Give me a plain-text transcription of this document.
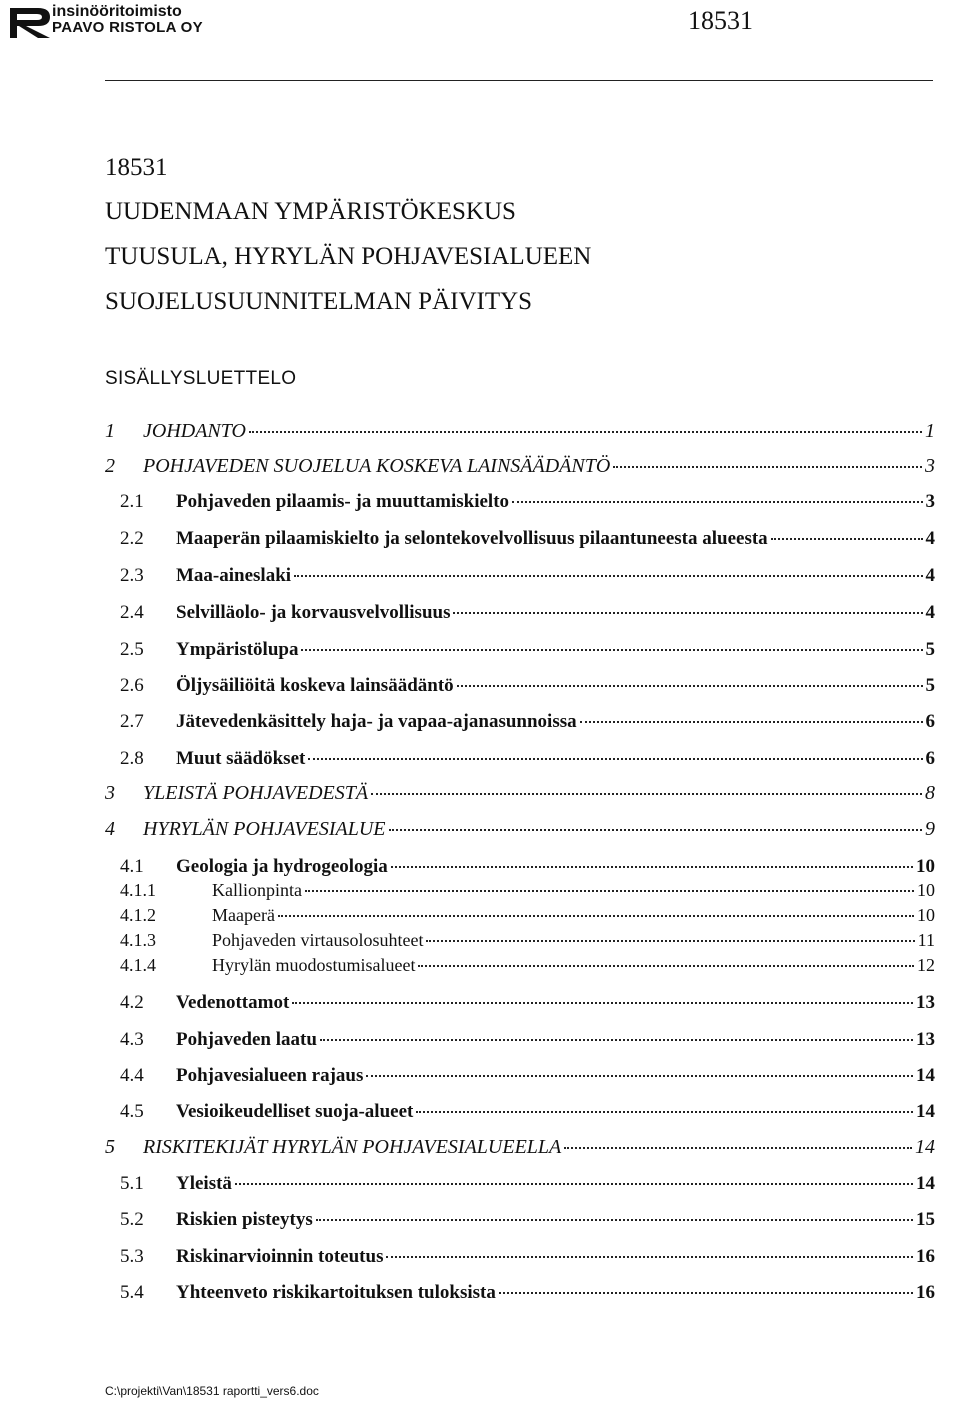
insinööritoimisto
PAAVO RISTOLA OY	18531
18531
UUDENMAAN YMPÄRISTÖKESKUS
TUUSULA, HYRYLÄN POHJAVESIALUEEN
SUOJELUSUUNNITELMAN PÄIVITYS
SISÄLLYSLUETTELO
1	JOHDANTO	1
2	POHJAVEDEN SUOJELUA KOSKEVA LAINSÄÄDÄNTÖ	3
2.1	Pohjaveden pilaamis- ja muuttamiskielto	3
2.2	Maaperän pilaamiskielto ja selontekovelvollisuus pilaantuneesta alueesta	4
2.3	Maa-aineslaki	4
2.4	Selvilläolo- ja korvausvelvollisuus	4
2.5	Ympäristölupa	5
2.6	Öljysäiliöitä koskeva lainsäädäntö	5
2.7	Jätevedenkäsittely haja- ja vapaa-ajanasunnoissa	6
2.8	Muut säädökset	6
3	YLEISTÄ POHJAVEDESTÄ	8
4	HYRYLÄN POHJAVESIALUE	9
4.1	Geologia ja hydrogeologia	10
4.1.1	Kallionpinta	10
4.1.2	Maaperä	10
4.1.3	Pohjaveden virtausolosuhteet	11
4.1.4	Hyrylän muodostumisalueet	12
4.2	Vedenottamot	13
4.3	Pohjaveden laatu	13
4.4	Pohjavesialueen rajaus	14
4.5	Vesioikeudelliset suoja-alueet	14
5	RISKITEKIJÄT HYRYLÄN POHJAVESIALUEELLA	14
5.1	Yleistä	14
5.2	Riskien pisteytys	15
5.3	Riskinarvioinnin toteutus	16
5.4	Yhteenveto riskikartoituksen tuloksista	16
C:\projekti\Van\18531 raportti_vers6.doc
